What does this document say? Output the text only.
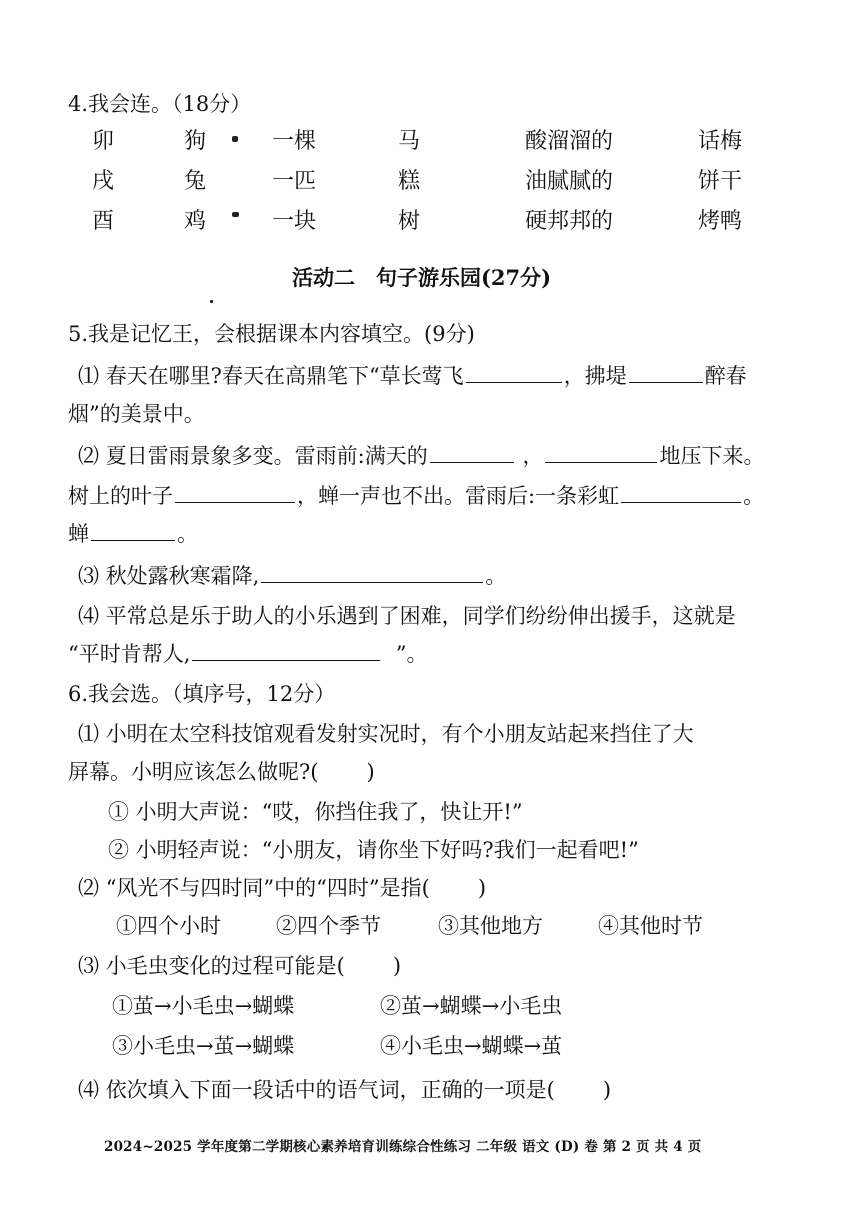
4.我会连。（18分）
卯	狗	一棵	马	酸溜溜的	话梅
戌	兔	一匹	糕	油腻腻的	饼干
酉	鸡	一块	树	硬邦邦的	烤鸭
活动二　句子游乐园(27分)
5.我是记忆王，会根据课本内容填空。(9分)
⑴ 春天在哪里?春天在高鼎笔下“草长莺飞	，拂堤	醉春
烟”的美景中。
⑵ 夏日雷雨景象多变。雷雨前:满天的	，	地压下来。
树上的叶子	，蝉一声也不出。雷雨后:一条彩虹	。
蝉	。
⑶ 秋处露秋寒霜降,	。
⑷ 平常总是乐于助人的小乐遇到了困难，同学们纷纷伸出援手，这就是
“平时肯帮人,	”。
6.我会选。（填序号，12分）
⑴ 小明在太空科技馆观看发射实况时，有个小朋友站起来挡住了大
屏幕。小明应该怎么做呢?( )
① 小明大声说：“哎，你挡住我了，快让开!”
② 小明轻声说：“小朋友，请你坐下好吗?我们一起看吧!”
⑵ “风光不与四时同”中的“四时”是指( )
①四个小时	②四个季节	③其他地方	④其他时节
⑶ 小毛虫变化的过程可能是( )
①茧→小毛虫→蝴蝶	②茧→蝴蝶→小毛虫
③小毛虫→茧→蝴蝶	④小毛虫→蝴蝶→茧
⑷ 依次填入下面一段话中的语气词，正确的一项是( )
2024~2025 学年度第二学期核心素养培育训练综合性练习 二年级 语文 (D) 卷 第 2 页 共 4 页
